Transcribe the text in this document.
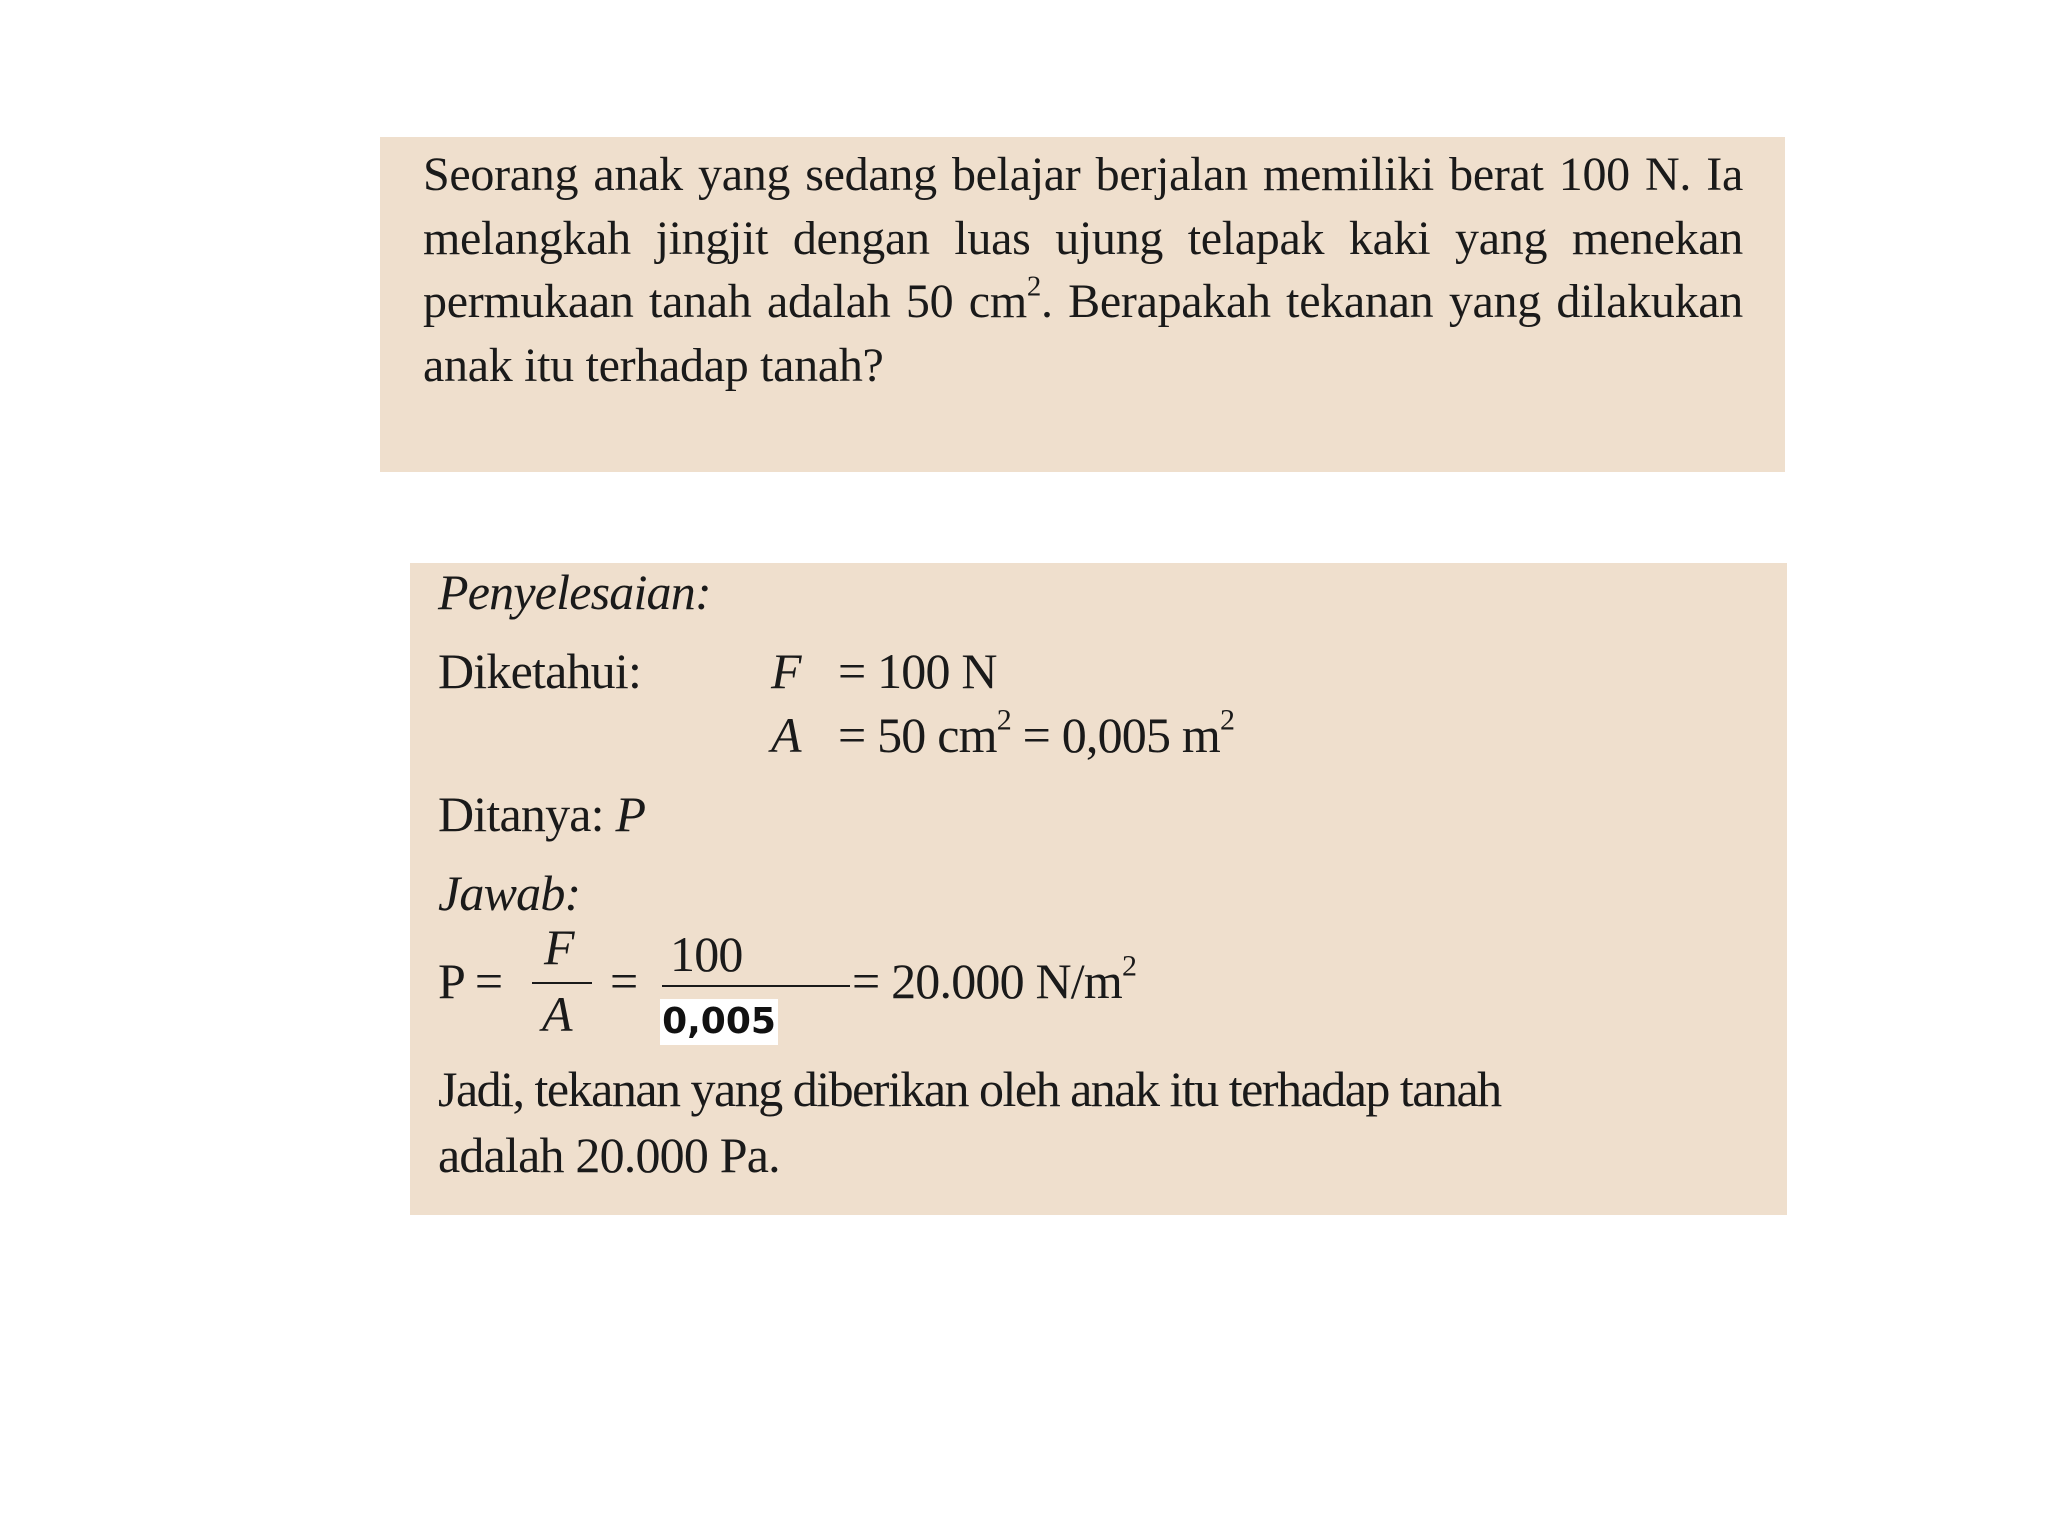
Seorang anak yang sedang belajar berjalan memiliki berat 100 N. Ia melangkah jingjit dengan luas ujung telapak kaki yang menekan permukaan tanah adalah 50 $cm^2$. Berapakah tekanan yang dilakukan anak itu terhadap tanah?
Penyelesaian:
Diketahui:	F = 100 N
A = 50 $cm^2 = 0,005$ $m^2$
Ditanya: P
Jawab:
P =
F
A
= 100
0,005
= 20.000 $N/m^2$
Jadi, tekanan yang diberikan oleh anak itu terhadap tanah
adalah 20.000 Pa.
